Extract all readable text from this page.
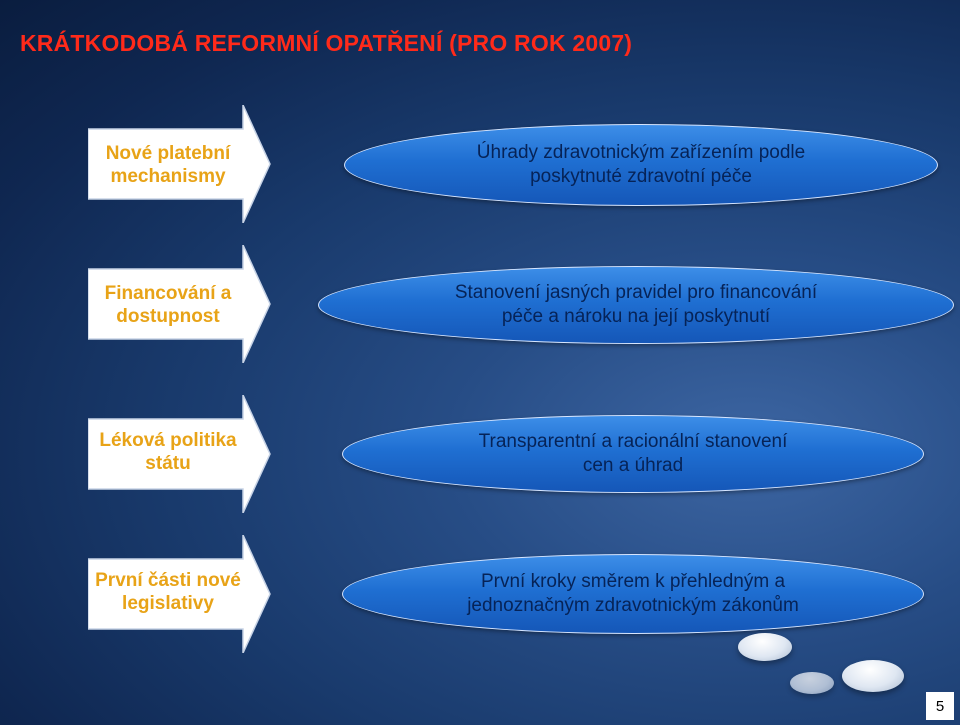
KRÁTKODOBÁ REFORMNÍ OPATŘENÍ (PRO ROK 2007)
Nové platební
mechanismy
Úhrady zdravotnickým zařízením podle
poskytnuté zdravotní péče
Financování a
dostupnost
Stanovení jasných pravidel pro financování
péče a nároku na její poskytnutí
Léková politika
státu
Transparentní a racionální stanovení
cen a úhrad
První části nové
legislativy
První kroky směrem k přehledným a
jednoznačným zdravotnickým zákonům
5
